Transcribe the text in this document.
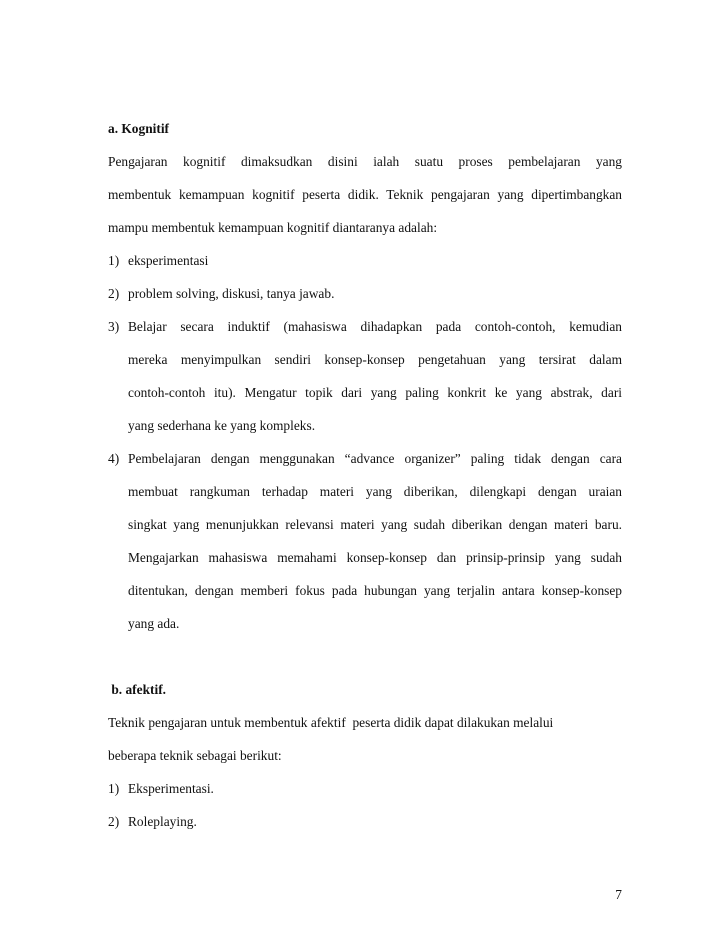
a. Kognitif
Pengajaran kognitif dimaksudkan disini ialah suatu proses pembelajaran yang
membentuk kemampuan kognitif peserta didik. Teknik pengajaran yang dipertimbangkan
mampu membentuk kemampuan kognitif diantaranya adalah:
1) eksperimentasi
2) problem solving, diskusi, tanya jawab.
3) Belajar secara induktif (mahasiswa dihadapkan pada contoh-contoh, kemudian
mereka menyimpulkan sendiri konsep-konsep pengetahuan yang tersirat dalam
contoh-contoh itu). Mengatur topik dari yang paling konkrit ke yang abstrak, dari
yang sederhana ke yang kompleks.
4) Pembelajaran dengan menggunakan “advance organizer” paling tidak dengan cara
membuat rangkuman terhadap materi yang diberikan, dilengkapi dengan uraian
singkat yang menunjukkan relevansi materi yang sudah diberikan dengan materi baru.
Mengajarkan mahasiswa memahami konsep-konsep dan prinsip-prinsip yang sudah
ditentukan, dengan memberi fokus pada hubungan yang terjalin antara konsep-konsep
yang ada.
b. afektif.
Teknik pengajaran untuk membentuk afektif  peserta didik dapat dilakukan melalui
beberapa teknik sebagai berikut:
1) Eksperimentasi.
2) Roleplaying.
7
